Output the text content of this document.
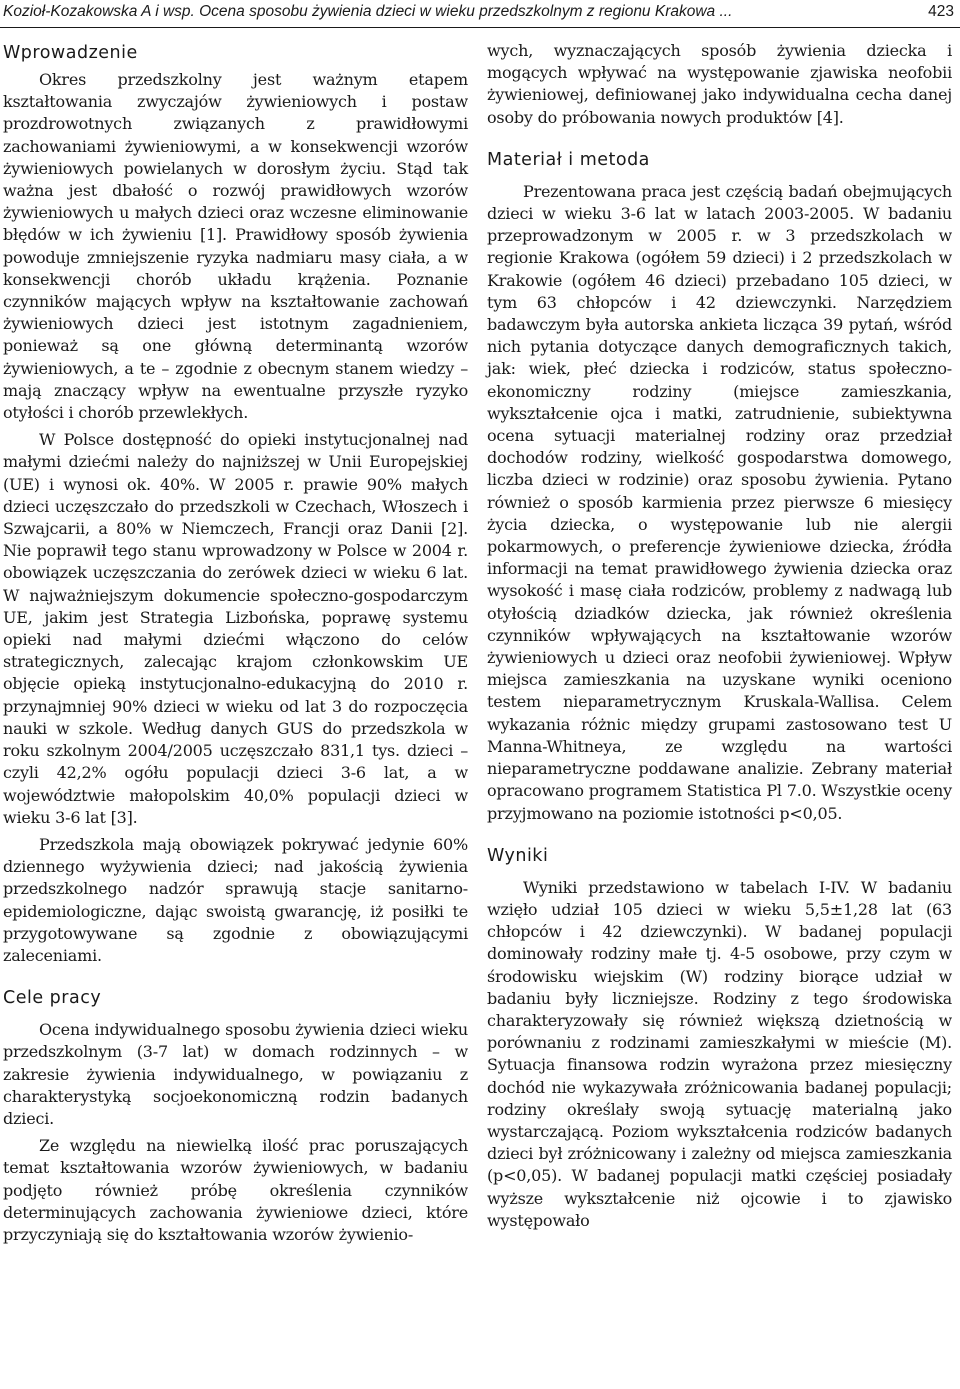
Kozioł-Kozakowska A i wsp. Ocena sposobu żywienia dzieci w wieku przedszkolnym z regionu Krakowa ...	423
Wprowadzenie

Okres przedszkolny jest ważnym etapem kształtowania zwyczajów żywieniowych i postaw prozdrowotnych związanych z prawidłowymi zachowaniami żywieniowymi, a w konsekwencji wzorów żywieniowych powielanych w dorosłym życiu. Stąd tak ważna jest dbałość o rozwój prawidłowych wzorów żywieniowych u małych dzieci oraz wczesne eliminowanie błędów w ich żywieniu [1]. Prawidłowy sposób żywienia powoduje zmniejszenie ryzyka nadmiaru masy ciała, a w konsekwencji chorób układu krążenia. Poznanie czynników mających wpływ na kształtowanie zachowań żywieniowych dzieci jest istotnym zagadnieniem, ponieważ są one główną determinantą wzorów żywieniowych, a te – zgodnie z obecnym stanem wiedzy – mają znaczący wpływ na ewentualne przyszłe ryzyko otyłości i chorób przewlekłych.

W Polsce dostępność do opieki instytucjonalnej nad małymi dziećmi należy do najniższej w Unii Europejskiej (UE) i wynosi ok. 40%. W 2005 r. prawie 90% małych dzieci uczęszczało do przedszkoli w Czechach, Włoszech i Szwajcarii, a 80% w Niemczech, Francji oraz Danii [2]. Nie poprawił tego stanu wprowadzony w Polsce w 2004 r. obowiązek uczęszczania do zerówek dzieci w wieku 6 lat. W najważniejszym dokumencie społeczno-gospodarczym UE, jakim jest Strategia Lizbońska, poprawę systemu opieki nad małymi dziećmi włączono do celów strategicznych, zalecając krajom członkowskim UE objęcie opieką instytucjonalno-edukacyjną do 2010 r. przynajmniej 90% dzieci w wieku od lat 3 do rozpoczęcia nauki w szkole. Według danych GUS do przedszkola w roku szkolnym 2004/2005 uczęszczało 831,1 tys. dzieci – czyli 42,2% ogółu populacji dzieci 3-6 lat, a w województwie małopolskim 40,0% populacji dzieci w wieku 3-6 lat [3].

Przedszkola mają obowiązek pokrywać jedynie 60% dziennego wyżywienia dzieci; nad jakością żywienia przedszkolnego nadzór sprawują stacje sanitarno-epidemiologiczne, dając swoistą gwarancję, iż posiłki te przygotowywane są zgodnie z obowiązującymi zaleceniami.

Cele pracy

Ocena indywidualnego sposobu żywienia dzieci wieku przedszkolnym (3-7 lat) w domach rodzinnych – w zakresie żywienia indywidualnego, w powiązaniu z charakterystyką socjoekonomiczną rodzin badanych dzieci.

Ze względu na niewielką ilość prac poruszających temat kształtowania wzorów żywieniowych, w badaniu podjęto również próbę określenia czynników determinujących zachowania żywieniowe dzieci, które przyczyniają się do kształtowania wzorów żywienio-

wych, wyznaczających sposób żywienia dziecka i mogących wpływać na występowanie zjawiska neofobii żywieniowej, definiowanej jako indywidualna cecha danej osoby do próbowania nowych produktów [4].

Materiał i metoda

Prezentowana praca jest częścią badań obejmujących dzieci w wieku 3-6 lat w latach 2003-2005. W badaniu przeprowadzonym w 2005 r. w 3 przedszkolach w regionie Krakowa (ogółem 59 dzieci) i 2 przedszkolach w Krakowie (ogółem 46 dzieci) przebadano 105 dzieci, w tym 63 chłopców i 42 dziewczynki. Narzędziem badawczym była autorska ankieta licząca 39 pytań, wśród nich pytania dotyczące danych demograficznych takich, jak: wiek, płeć dziecka i rodziców, status społeczno-ekonomiczny rodziny (miejsce zamieszkania, wykształcenie ojca i matki, zatrudnienie, subiektywna ocena sytuacji materialnej rodziny oraz przedział dochodów rodziny, wielkość gospodarstwa domowego, liczba dzieci w rodzinie) oraz sposobu żywienia. Pytano również o sposób karmienia przez pierwsze 6 miesięcy życia dziecka, o występowanie lub nie alergii pokarmowych, o preferencje żywieniowe dziecka, źródła informacji na temat prawidłowego żywienia dziecka oraz wysokość i masę ciała rodziców, problemy z nadwagą lub otyłością dziadków dziecka, jak również określenia czynników wpływających na kształtowanie wzorów żywieniowych u dzieci oraz neofobii żywieniowej. Wpływ miejsca zamieszkania na uzyskane wyniki oceniono testem nieparametrycznym Kruskala-Wallisa. Celem wykazania różnic między grupami zastosowano test U Manna-Whitneya, ze względu na wartości nieparametryczne poddawane analizie. Zebrany materiał opracowano programem Statistica Pl 7.0. Wszystkie oceny przyjmowano na poziomie istotności p<0,05.

Wyniki

Wyniki przedstawiono w tabelach I-IV. W badaniu wzięło udział 105 dzieci w wieku 5,5±1,28 lat (63 chłopców i 42 dziewczynki). W badanej populacji dominowały rodziny małe tj. 4-5 osobowe, przy czym w środowisku wiejskim (W) rodziny biorące udział w badaniu były liczniejsze. Rodziny z tego środowiska charakteryzowały się również większą dzietnością w porównaniu z rodzinami zamieszkałymi w mieście (M). Sytuacja finansowa rodzin wyrażona przez miesięczny dochód nie wykazywała zróżnicowania badanej populacji; rodziny określały swoją sytuację materialną jako wystarczającą. Poziom wykształcenia rodziców badanych dzieci był zróżnicowany i zależny od miejsca zamieszkania (p<0,05). W badanej populacji matki częściej posiadały wyższe wykształcenie niż ojcowie i to zjawisko występowało
